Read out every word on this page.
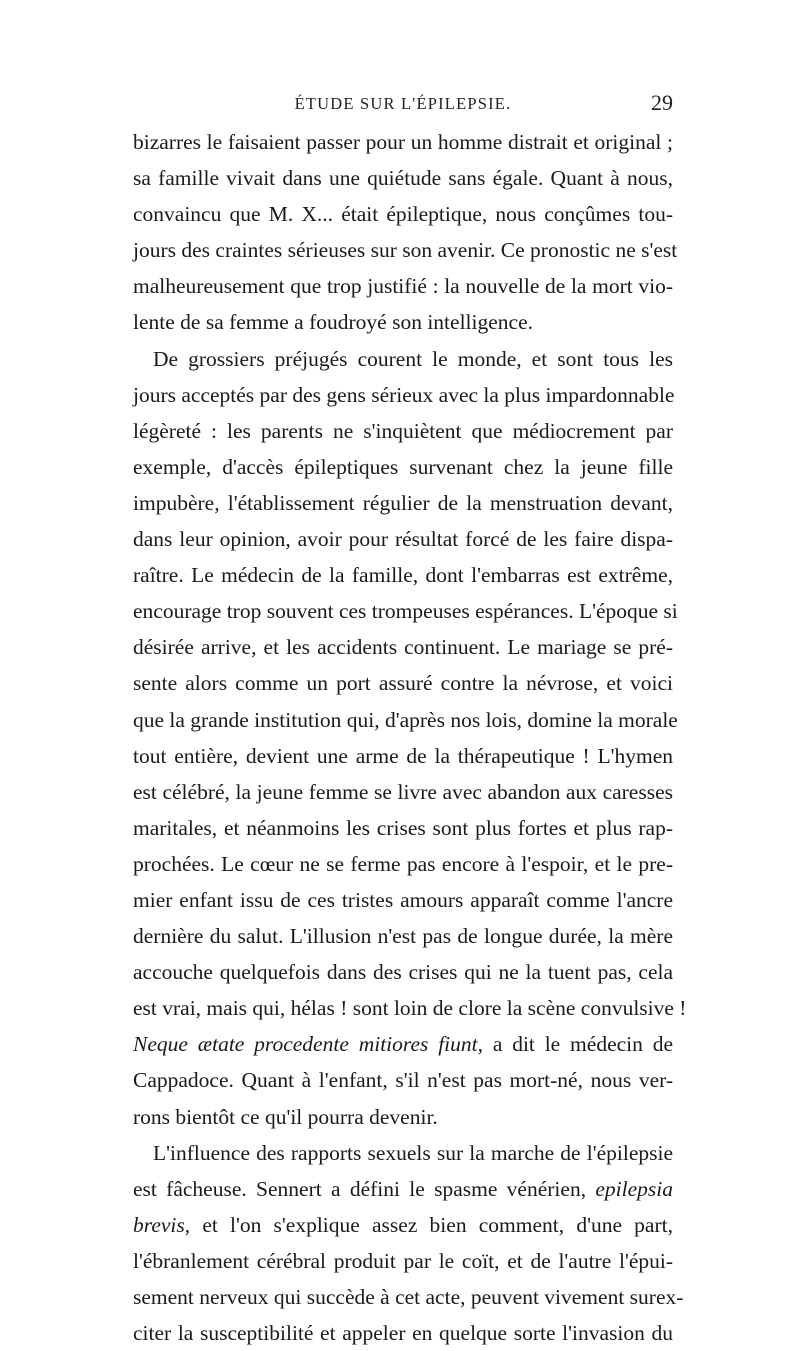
ÉTUDE SUR L'ÉPILEPSIE.	29
bizarres le faisaient passer pour un homme distrait et original ;
sa famille vivait dans une quiétude sans égale. Quant à nous,
convaincu que M. X... était épileptique, nous conçûmes tou-
jours des craintes sérieuses sur son avenir. Ce pronostic ne s'est
malheureusement que trop justifié : la nouvelle de la mort vio-
lente de sa femme a foudroyé son intelligence.
De grossiers préjugés courent le monde, et sont tous les
jours acceptés par des gens sérieux avec la plus impardonnable
légèreté : les parents ne s'inquiètent que médiocrement par
exemple, d'accès épileptiques survenant chez la jeune fille
impubère, l'établissement régulier de la menstruation devant,
dans leur opinion, avoir pour résultat forcé de les faire dispa-
raître. Le médecin de la famille, dont l'embarras est extrême,
encourage trop souvent ces trompeuses espérances. L'époque si
désirée arrive, et les accidents continuent. Le mariage se pré-
sente alors comme un port assuré contre la névrose, et voici
que la grande institution qui, d'après nos lois, domine la morale
tout entière, devient une arme de la thérapeutique ! L'hymen
est célébré, la jeune femme se livre avec abandon aux caresses
maritales, et néanmoins les crises sont plus fortes et plus rap-
prochées. Le cœur ne se ferme pas encore à l'espoir, et le pre-
mier enfant issu de ces tristes amours apparaît comme l'ancre
dernière du salut. L'illusion n'est pas de longue durée, la mère
accouche quelquefois dans des crises qui ne la tuent pas, cela
est vrai, mais qui, hélas ! sont loin de clore la scène convulsive !
Neque ætate procedente mitiores fiunt, a dit le médecin de
Cappadoce. Quant à l'enfant, s'il n'est pas mort-né, nous ver-
rons bientôt ce qu'il pourra devenir.
L'influence des rapports sexuels sur la marche de l'épilepsie
est fâcheuse. Sennert a défini le spasme vénérien, epilepsia
brevis, et l'on s'explique assez bien comment, d'une part,
l'ébranlement cérébral produit par le coït, et de l'autre l'épui-
sement nerveux qui succède à cet acte, peuvent vivement surex-
citer la susceptibilité et appeler en quelque sorte l'invasion du
